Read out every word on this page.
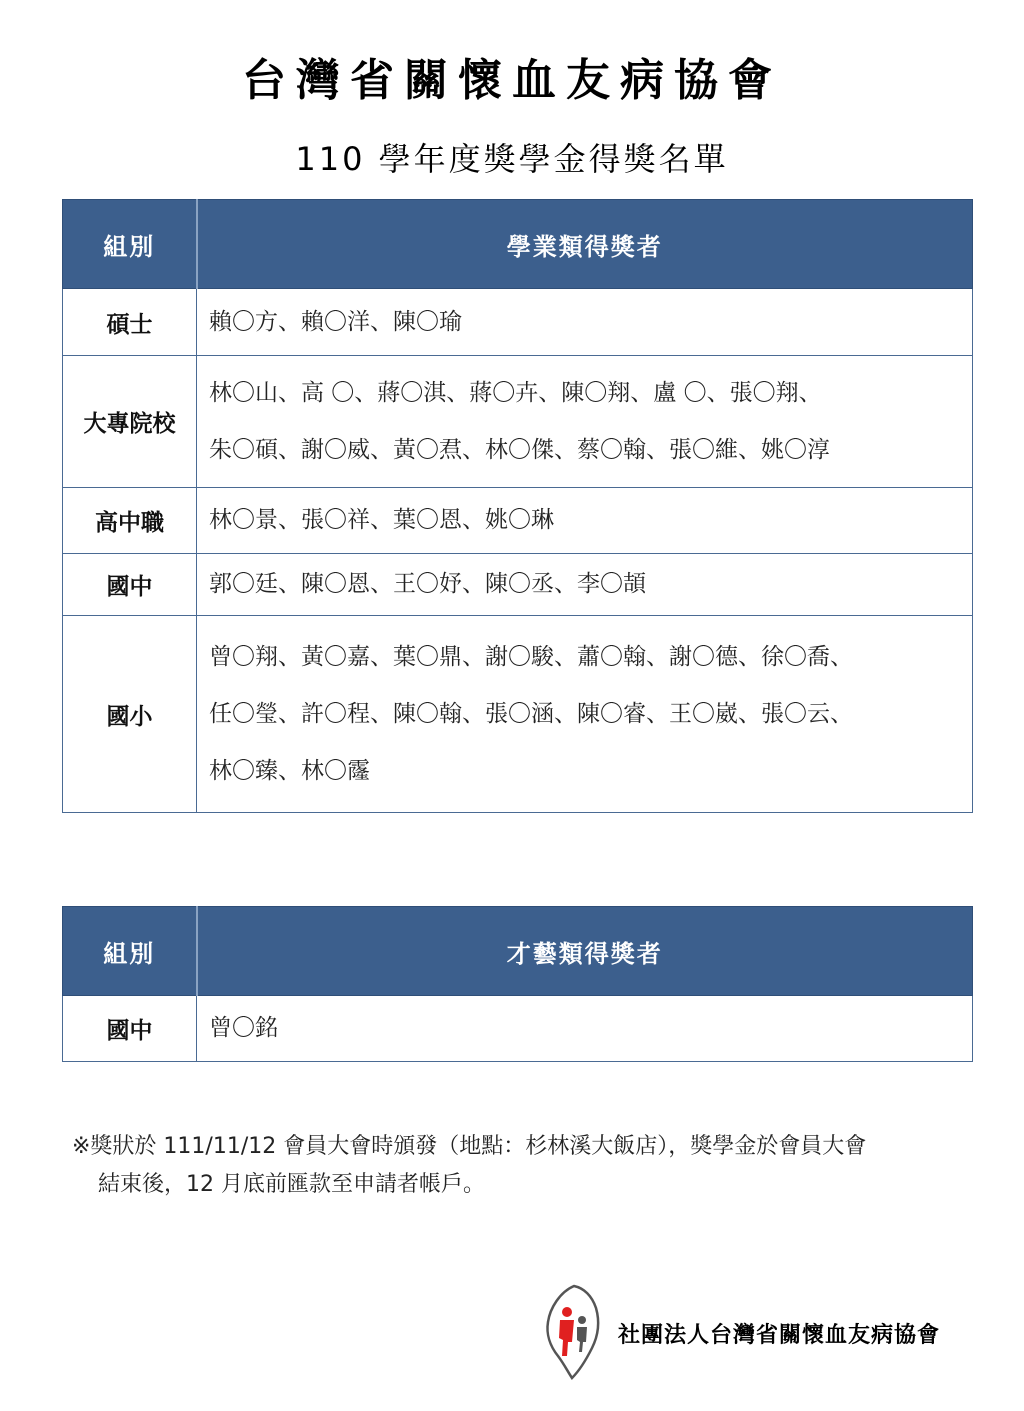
台灣省關懷血友病協會
110 學年度獎學金得獎名單
組別	學業類得獎者
碩士	賴〇方、賴〇洋、陳〇瑜

大專院校	林〇山、高 〇、蔣〇淇、蔣〇卉、陳〇翔、盧 〇、張〇翔、
朱〇碩、謝〇威、黃〇焄、林〇傑、蔡〇翰、張〇維、姚〇淳

高中職	林〇景、張〇祥、葉〇恩、姚〇琳

國中	郭〇廷、陳〇恩、王〇妤、陳〇丞、李〇頡

國小	曾〇翔、黃〇嘉、葉〇鼎、謝〇駿、蕭〇翰、謝〇德、徐〇喬、
任〇瑩、許〇程、陳〇翰、張〇涵、陳〇睿、王〇崴、張〇云、
林〇臻、林〇霳
組別	才藝類得獎者
國中	曾〇銘
※獎狀於 111/11/12 會員大會時頒發（地點：杉林溪大飯店），獎學金於會員大會
結束後，12 月底前匯款至申請者帳戶。
社團法人台灣省關懷血友病協會
